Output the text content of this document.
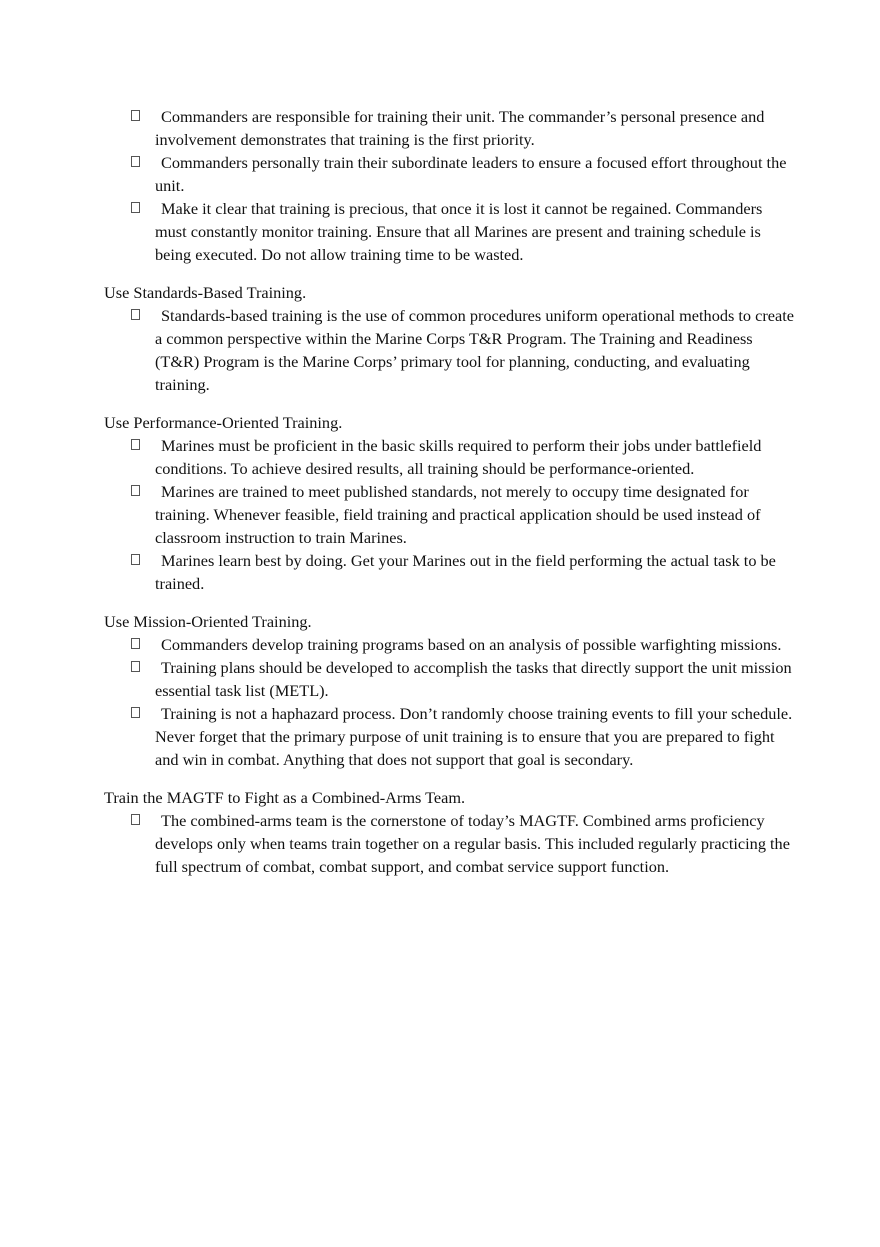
Commanders are responsible for training their unit. The commander’s personal presence and involvement demonstrates that training is the first priority.
Commanders personally train their subordinate leaders to ensure a focused effort throughout the unit.
Make it clear that training is precious, that once it is lost it cannot be regained. Commanders must constantly monitor training. Ensure that all Marines are present and training schedule is being executed. Do not allow training time to be wasted.

Use Standards-Based Training.

Standards-based training is the use of common procedures uniform operational methods to create a common perspective within the Marine Corps T&R Program. The Training and Readiness (T&R) Program is the Marine Corps’ primary tool for planning, conducting, and evaluating training.

Use Performance-Oriented Training.

Marines must be proficient in the basic skills required to perform their jobs under battlefield conditions. To achieve desired results, all training should be performance-oriented.
Marines are trained to meet published standards, not merely to occupy time designated for training. Whenever feasible, field training and practical application should be used instead of classroom instruction to train Marines.
Marines learn best by doing. Get your Marines out in the field performing the actual task to be trained.

Use Mission-Oriented Training.

Commanders develop training programs based on an analysis of possible warfighting missions.
Training plans should be developed to accomplish the tasks that directly support the unit mission essential task list (METL).
Training is not a haphazard process. Don’t randomly choose training events to fill your schedule. Never forget that the primary purpose of unit training is to ensure that you are prepared to fight and win in combat. Anything that does not support that goal is secondary.

Train the MAGTF to Fight as a Combined-Arms Team.

The combined-arms team is the cornerstone of today’s MAGTF. Combined arms proficiency develops only when teams train together on a regular basis. This included regularly practicing the full spectrum of combat, combat support, and combat service support function.
